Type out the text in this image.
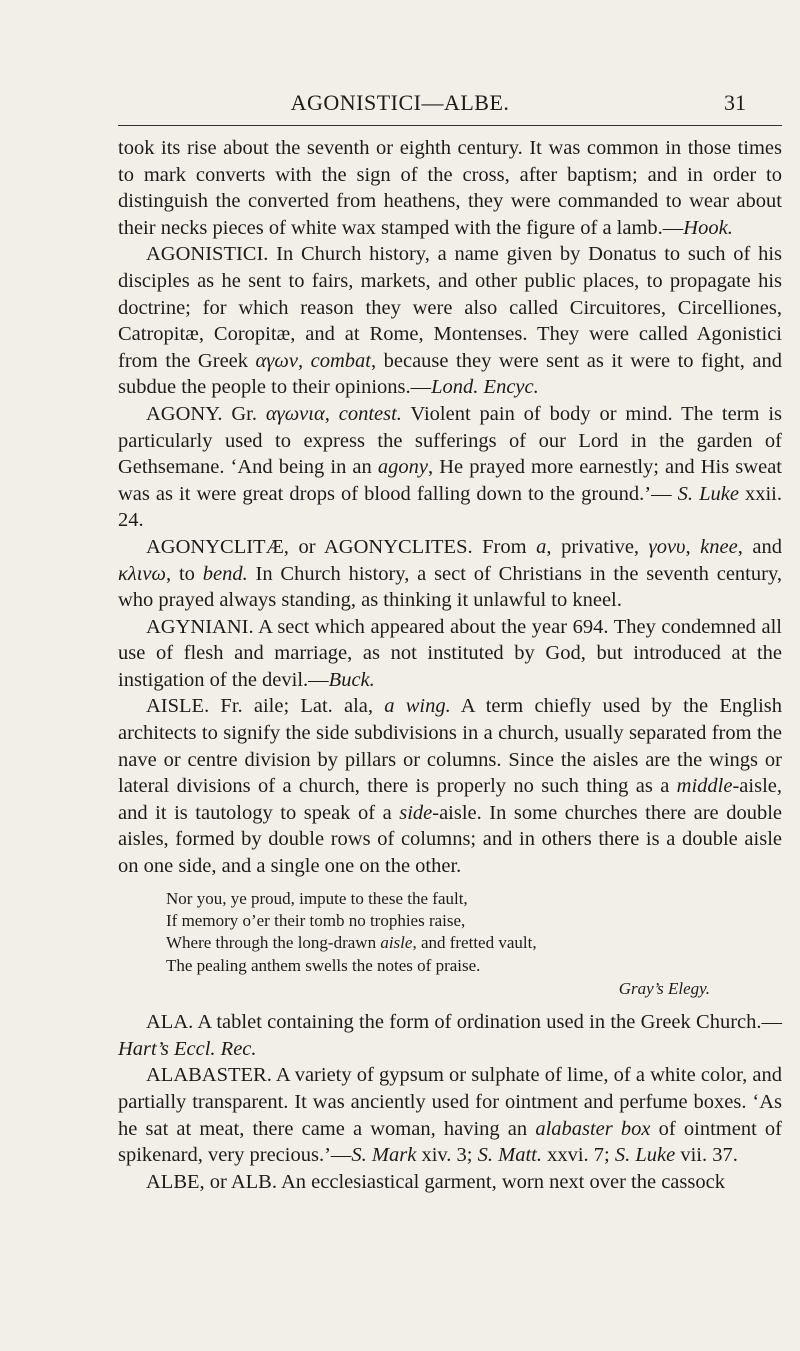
AGONISTICI—ALBE.	31

took its rise about the seventh or eighth century. It was common in those times to mark converts with the sign of the cross, after baptism; and in order to distinguish the converted from heathens, they were commanded to wear about their necks pieces of white wax stamped with the figure of a lamb.—Hook.

AGONISTICI. In Church history, a name given by Donatus to such of his disciples as he sent to fairs, markets, and other public places, to propagate his doctrine; for which reason they were also called Circuitores, Circelliones, Catropitæ, Coropitæ, and at Rome, Montenses. They were called Agonistici from the Greek αγων, combat, because they were sent as it were to fight, and subdue the people to their opinions.—Lond. Encyc.

AGONY. Gr. αγωνια, contest. Violent pain of body or mind. The term is particularly used to express the sufferings of our Lord in the garden of Gethsemane. ‘And being in an agony, He prayed more earnestly; and His sweat was as it were great drops of blood falling down to the ground.’— S. Luke xxii. 24.

AGONYCLITÆ, or AGONYCLITES. From a, privative, γονυ, knee, and κλινω, to bend. In Church history, a sect of Christians in the seventh century, who prayed always standing, as thinking it unlawful to kneel.

AGYNIANI. A sect which appeared about the year 694. They condemned all use of flesh and marriage, as not instituted by God, but introduced at the instigation of the devil.—Buck.

AISLE. Fr. aile; Lat. ala, a wing. A term chiefly used by the English architects to signify the side subdivisions in a church, usually separated from the nave or centre division by pillars or columns. Since the aisles are the wings or lateral divisions of a church, there is properly no such thing as a middle-aisle, and it is tautology to speak of a side-aisle. In some churches there are double aisles, formed by double rows of columns; and in others there is a double aisle on one side, and a single one on the other.

Nor you, ye proud, impute to these the fault,
If memory o’er their tomb no trophies raise,
Where through the long-drawn aisle, and fretted vault,
The pealing anthem swells the notes of praise.
Gray’s Elegy.

ALA. A tablet containing the form of ordination used in the Greek Church.—Hart’s Eccl. Rec.

ALABASTER. A variety of gypsum or sulphate of lime, of a white color, and partially transparent. It was anciently used for ointment and perfume boxes. ‘As he sat at meat, there came a woman, having an alabaster box of ointment of spikenard, very precious.’—S. Mark xiv. 3; S. Matt. xxvi. 7; S. Luke vii. 37.

ALBE, or ALB. An ecclesiastical garment, worn next over the cassock
